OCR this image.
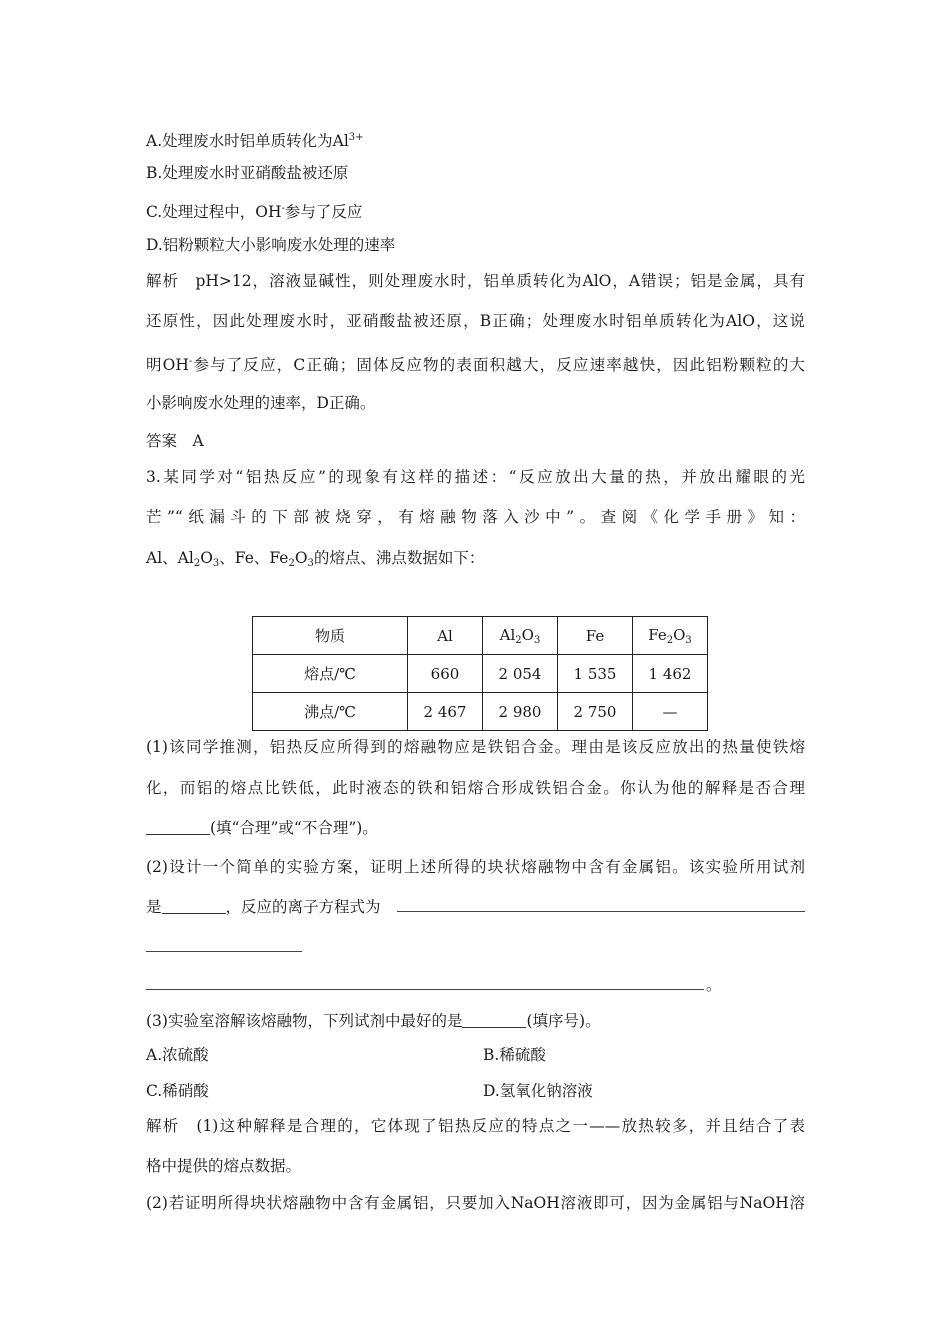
A.处理废水时铝单质转化为$Al^{3+}$
B.处理废水时亚硝酸盐被还原
C.处理过程中，OH-参与了反应
D.铝粉颗粒大小影响废水处理的速率
解析　pH>12，溶液显碱性，则处理废水时，铝单质转化为AlO，A错误；铝是金属，具有
还原性，因此处理废水时，亚硝酸盐被还原，B正确；处理废水时铝单质转化为AlO，这说
明OH-参与了反应，C正确；固体反应物的表面积越大，反应速率越快，因此铝粉颗粒的大
小影响废水处理的速率，D正确。
答案　A
3.某同学对“铝热反应”的现象有这样的描述：“反应放出大量的热，并放出耀眼的光
芒”“纸漏斗的下部被烧穿，有熔融物落入沙中”。查阅《化学手册》知：
Al、$Al_2O_3$、Fe、$Fe_2O_3$的熔点、沸点数据如下：
物质	Al	$Al_2O_3$	Fe	$Fe_2O_3$
熔点/℃	660	2 054	1 535	1 462
沸点/℃	2 467	2 980	2 750	—
(1)该同学推测，铝热反应所得到的熔融物应是铁铝合金。理由是该反应放出的热量使铁熔
化，而铝的熔点比铁低，此时液态的铁和铝熔合形成铁铝合金。你认为他的解释是否合理
(填“合理”或“不合理”)。
(2)设计一个简单的实验方案，证明上述所得的块状熔融物中含有金属铝。该实验所用试剂
是	，反应的离子方程式为
。
(3)实验室溶解该熔融物，下列试剂中最好的是	(填序号)。
A.浓硫酸	B.稀硫酸
C.稀硝酸	D.氢氧化钠溶液
解析　(1)这种解释是合理的，它体现了铝热反应的特点之一——放热较多，并且结合了表
格中提供的熔点数据。
(2)若证明所得块状熔融物中含有金属铝，只要加入NaOH溶液即可，因为金属铝与NaOH溶
